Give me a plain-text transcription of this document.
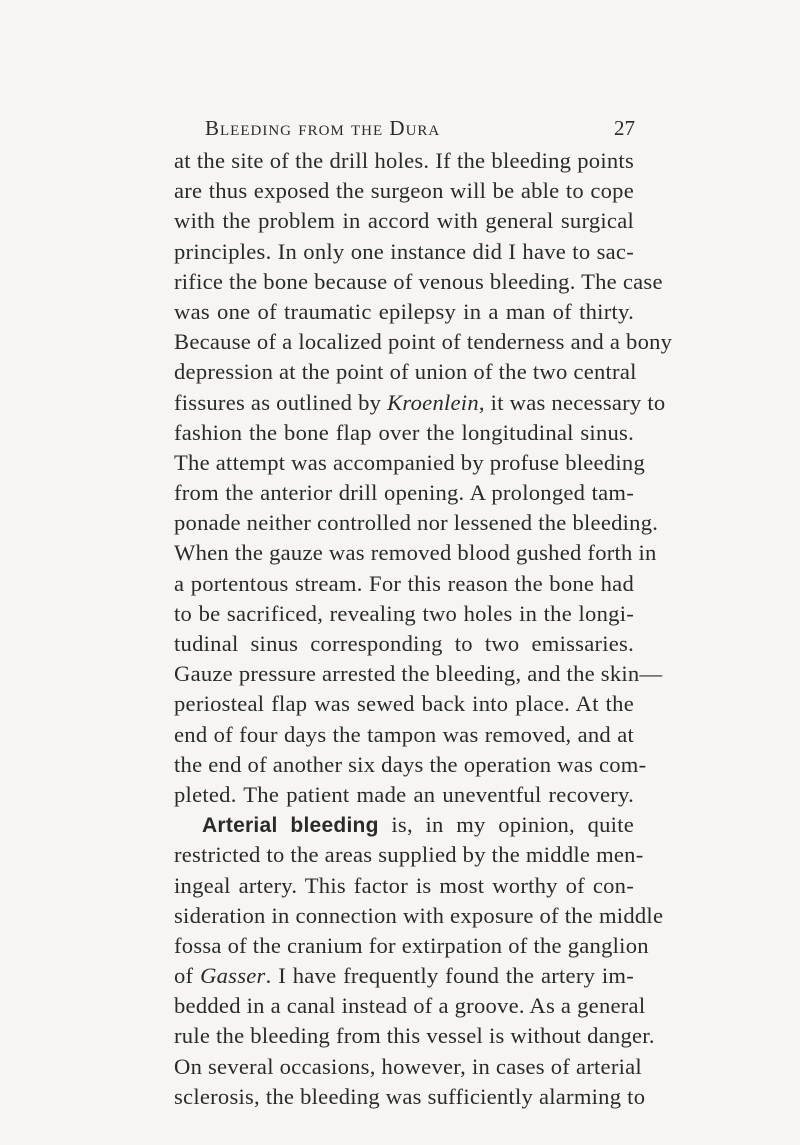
Bleeding from the Dura	27
at the site of the drill holes. If the bleeding points
are thus exposed the surgeon will be able to cope
with the problem in accord with general surgical
principles. In only one instance did I have to sac-
rifice the bone because of venous bleeding. The case
was one of traumatic epilepsy in a man of thirty.
Because of a localized point of tenderness and a bony
depression at the point of union of the two central
fissures as outlined by Kroenlein, it was necessary to
fashion the bone flap over the longitudinal sinus.
The attempt was accompanied by profuse bleeding
from the anterior drill opening. A prolonged tam-
ponade neither controlled nor lessened the bleeding.
When the gauze was removed blood gushed forth in
a portentous stream. For this reason the bone had
to be sacrificed, revealing two holes in the longi-
tudinal sinus corresponding to two emissaries.
Gauze pressure arrested the bleeding, and the skin—
periosteal flap was sewed back into place. At the
end of four days the tampon was removed, and at
the end of another six days the operation was com-
pleted. The patient made an uneventful recovery.
Arterial bleeding is, in my opinion, quite
restricted to the areas supplied by the middle men-
ingeal artery. This factor is most worthy of con-
sideration in connection with exposure of the middle
fossa of the cranium for extirpation of the ganglion
of Gasser. I have frequently found the artery im-
bedded in a canal instead of a groove. As a general
rule the bleeding from this vessel is without danger.
On several occasions, however, in cases of arterial
sclerosis, the bleeding was sufficiently alarming to
